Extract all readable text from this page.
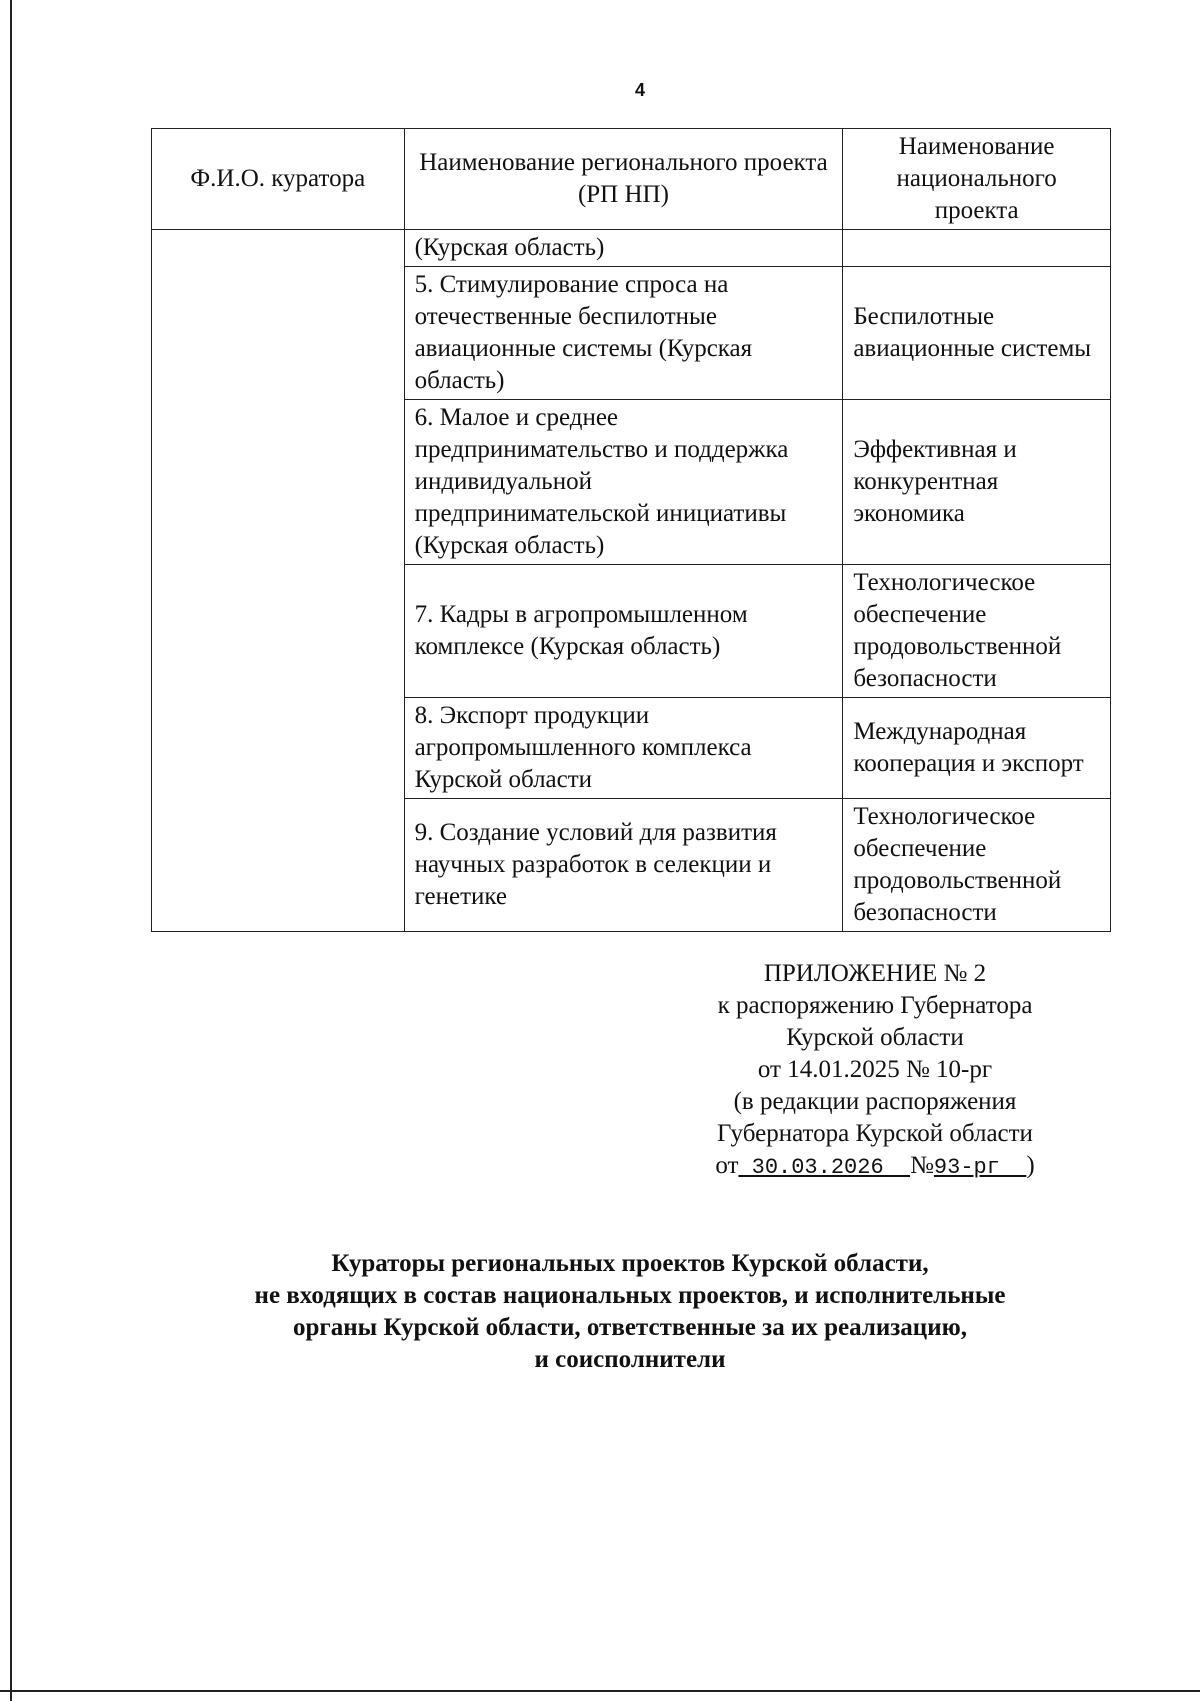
4
Ф.И.О. куратора	Наименование регионального проекта (РП НП)	Наименование национального проекта
	(Курская область)	
	5. Стимулирование спроса на отечественные беспилотные авиационные системы (Курская область)	Беспилотные авиационные системы
	6. Малое и среднее предпринимательство и поддержка индивидуальной предпринимательской инициативы (Курская область)	Эффективная и конкурентная экономика
	7. Кадры в агропромышленном комплексе (Курская область)	Технологическое обеспечение продовольственной безопасности
	8. Экспорт продукции агропромышленного комплекса Курской области	Международная кооперация и экспорт
	9. Создание условий для развития научных разработок в селекции и генетике	Технологическое обеспечение продовольственной безопасности
ПРИЛОЖЕНИЕ № 2
к распоряжению Губернатора
Курской области
от 14.01.2025 № 10-рг
(в редакции распоряжения
Губернатора Курской области
от 30.03.2026  №93-рг  )
Кураторы региональных проектов Курской области,
не входящих в состав национальных проектов, и исполнительные
органы Курской области, ответственные за их реализацию,
и соисполнители
